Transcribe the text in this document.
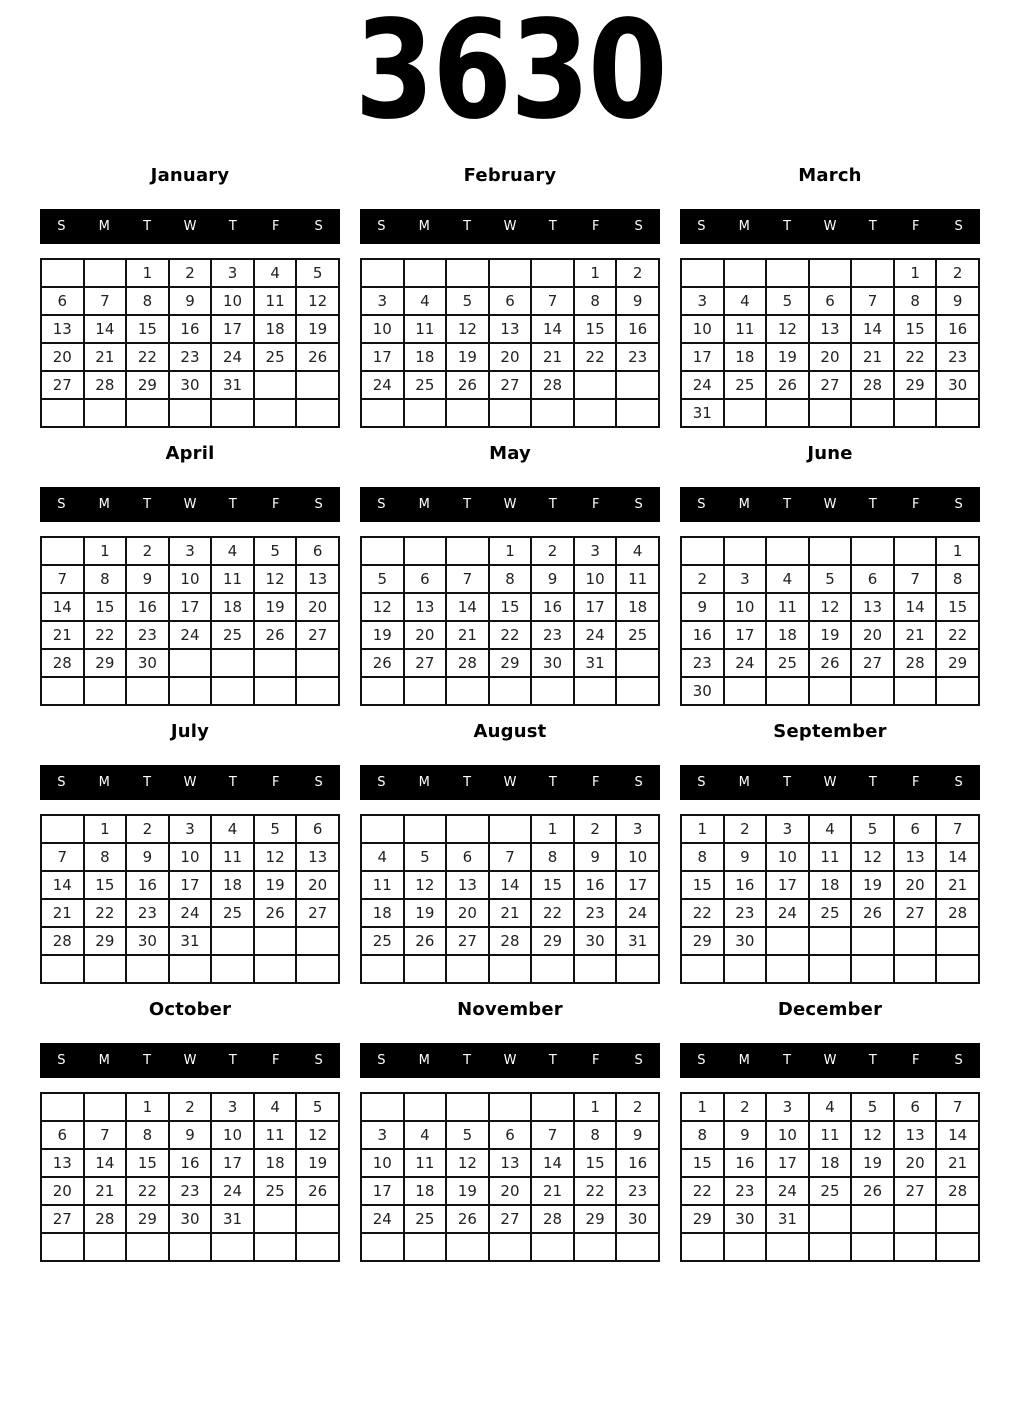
3630
January
S	M	T	W	T	F	S
		1	2	3	4	5
6	7	8	9	10	11	12
13	14	15	16	17	18	19
20	21	22	23	24	25	26
27	28	29	30	31		

February
S	M	T	W	T	F	S
					1	2
3	4	5	6	7	8	9
10	11	12	13	14	15	16
17	18	19	20	21	22	23
24	25	26	27	28		

March
S	M	T	W	T	F	S
					1	2
3	4	5	6	7	8	9
10	11	12	13	14	15	16
17	18	19	20	21	22	23
24	25	26	27	28	29	30
31						
April
S	M	T	W	T	F	S
	1	2	3	4	5	6
7	8	9	10	11	12	13
14	15	16	17	18	19	20
21	22	23	24	25	26	27
28	29	30				

May
S	M	T	W	T	F	S
			1	2	3	4
5	6	7	8	9	10	11
12	13	14	15	16	17	18
19	20	21	22	23	24	25
26	27	28	29	30	31	

June
S	M	T	W	T	F	S
						1
2	3	4	5	6	7	8
9	10	11	12	13	14	15
16	17	18	19	20	21	22
23	24	25	26	27	28	29
30						
July
S	M	T	W	T	F	S
	1	2	3	4	5	6
7	8	9	10	11	12	13
14	15	16	17	18	19	20
21	22	23	24	25	26	27
28	29	30	31			

August
S	M	T	W	T	F	S
				1	2	3
4	5	6	7	8	9	10
11	12	13	14	15	16	17
18	19	20	21	22	23	24
25	26	27	28	29	30	31

September
S	M	T	W	T	F	S
1	2	3	4	5	6	7
8	9	10	11	12	13	14
15	16	17	18	19	20	21
22	23	24	25	26	27	28
29	30					

October
S	M	T	W	T	F	S
		1	2	3	4	5
6	7	8	9	10	11	12
13	14	15	16	17	18	19
20	21	22	23	24	25	26
27	28	29	30	31		

November
S	M	T	W	T	F	S
					1	2
3	4	5	6	7	8	9
10	11	12	13	14	15	16
17	18	19	20	21	22	23
24	25	26	27	28	29	30

December
S	M	T	W	T	F	S
1	2	3	4	5	6	7
8	9	10	11	12	13	14
15	16	17	18	19	20	21
22	23	24	25	26	27	28
29	30	31				
